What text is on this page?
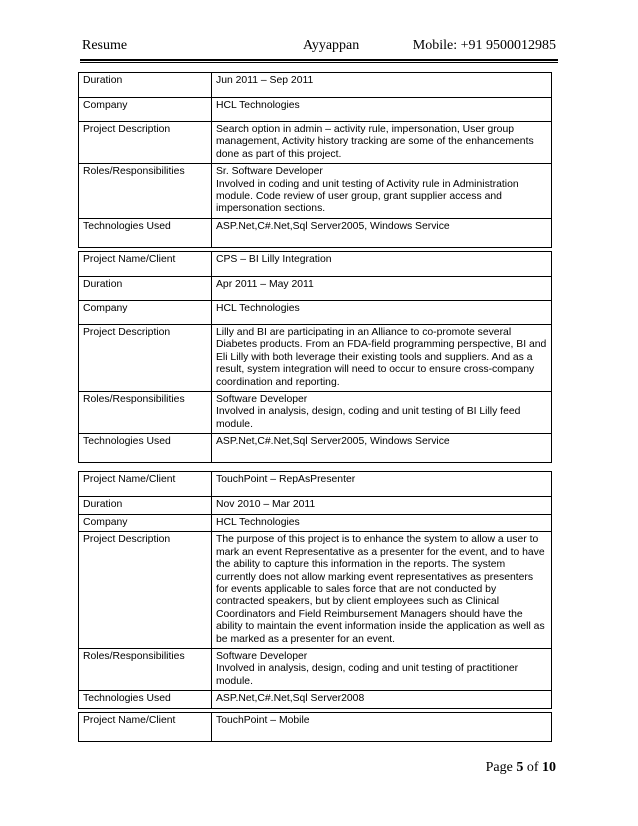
Resume	Ayyappan	Mobile: +91 9500012985
Duration	Jun 2011 – Sep 2011
Company	HCL Technologies
Project Description	Search option in admin – activity rule, impersonation, User group management, Activity history tracking are some of the enhancements done as part of this project.
Roles/Responsibilities	Sr. Software Developer
Involved in coding and unit testing of Activity rule in Administration module. Code review of user group, grant supplier access and impersonation sections.

Technologies Used	ASP.Net,C#.Net,Sql Server2005, Windows Service
Project Name/Client	CPS – BI Lilly Integration
Duration	Apr 2011 – May 2011
Company	HCL Technologies
Project Description	Lilly and BI are participating in an Alliance to co-promote several Diabetes products. From an FDA-field programming perspective, BI and Eli Lilly with both leverage their existing tools and suppliers. And as a result, system integration will need to occur to ensure cross-company coordination and reporting.
Roles/Responsibilities	Software Developer
Involved in analysis, design, coding and unit testing of BI Lilly feed module.

Technologies Used	ASP.Net,C#.Net,Sql Server2005, Windows Service
Project Name/Client	TouchPoint – RepAsPresenter
Duration	Nov 2010 – Mar 2011
Company	HCL Technologies
Project Description	The purpose of this project is to enhance the system to allow a user to mark an event Representative as a presenter for the event, and to have the ability to capture this information in the reports. The system currently does not allow marking event representatives as presenters for events applicable to sales force that are not conducted by contracted speakers, but by client employees such as Clinical Coordinators and Field Reimbursement Managers should have the ability to maintain the event information inside the application as well as be marked as a presenter for an event.
Roles/Responsibilities	Software Developer
Involved in analysis, design, coding and unit testing of practitioner module.

Technologies Used	ASP.Net,C#.Net,Sql Server2008
Project Name/Client	TouchPoint – Mobile
Page 5 of 10
